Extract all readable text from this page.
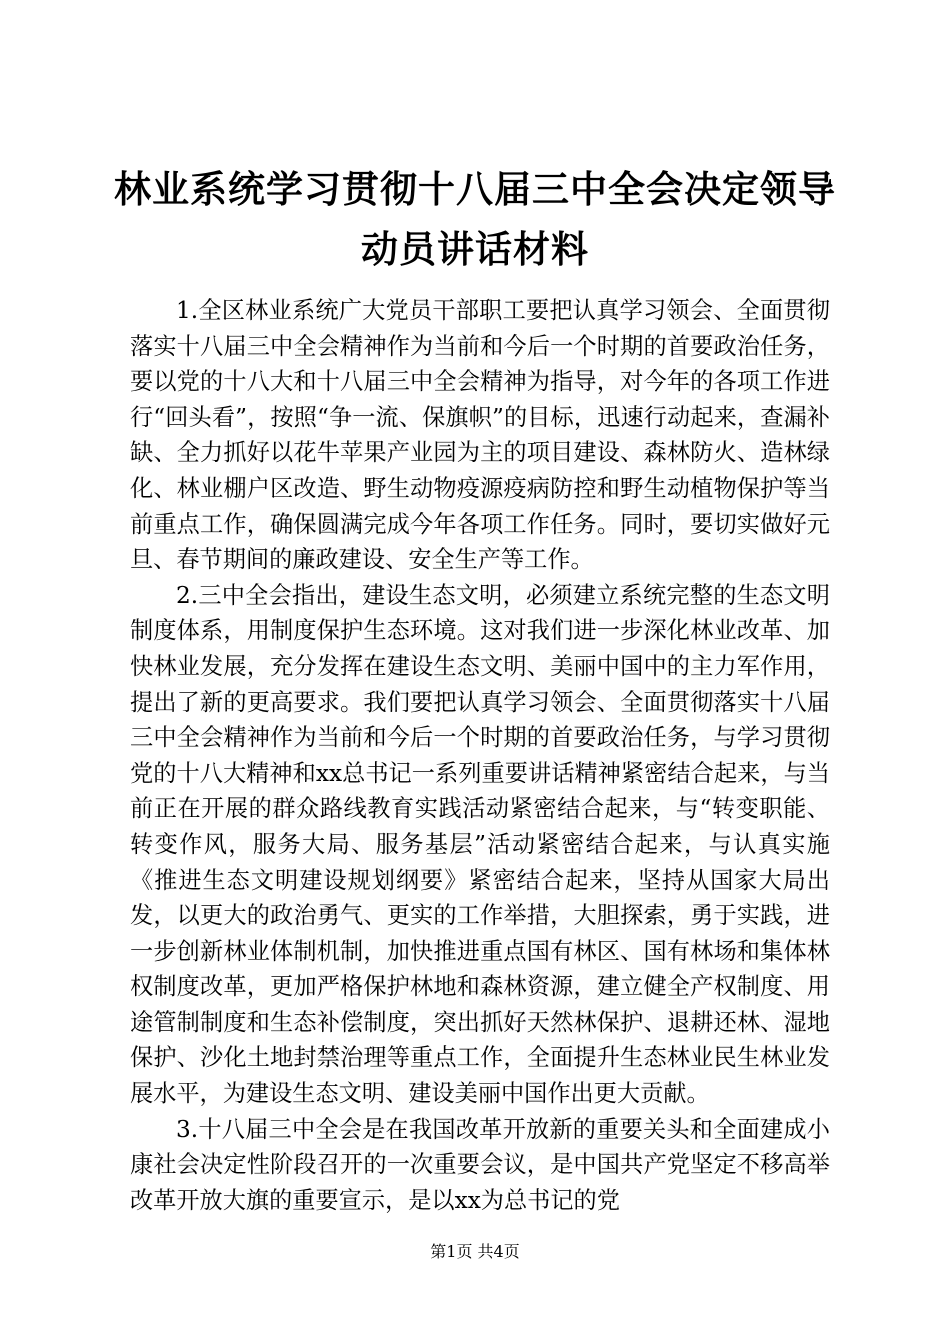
林业系统学习贯彻十八届三中全会决定领导动员讲话材料

1.全区林业系统广大党员干部职工要把认真学习领会、全面贯彻落实十八届三中全会精神作为当前和今后一个时期的首要政治任务，要以党的十八大和十八届三中全会精神为指导，对今年的各项工作进行“回头看”，按照“争一流、保旗帜”的目标，迅速行动起来，查漏补缺、全力抓好以花牛苹果产业园为主的项目建设、森林防火、造林绿化、林业棚户区改造、野生动物疫源疫病防控和野生动植物保护等当前重点工作，确保圆满完成今年各项工作任务。同时，要切实做好元旦、春节期间的廉政建设、安全生产等工作。

2.三中全会指出，建设生态文明，必须建立系统完整的生态文明制度体系，用制度保护生态环境。这对我们进一步深化林业改革、加快林业发展，充分发挥在建设生态文明、美丽中国中的主力军作用，提出了新的更高要求。我们要把认真学习领会、全面贯彻落实十八届三中全会精神作为当前和今后一个时期的首要政治任务，与学习贯彻党的十八大精神和xx总书记一系列重要讲话精神紧密结合起来，与当前正在开展的群众路线教育实践活动紧密结合起来，与“转变职能、转变作风，服务大局、服务基层”活动紧密结合起来，与认真实施《推进生态文明建设规划纲要》紧密结合起来，坚持从国家大局出发，以更大的政治勇气、更实的工作举措，大胆探索，勇于实践，进一步创新林业体制机制，加快推进重点国有林区、国有林场和集体林权制度改革，更加严格保护林地和森林资源，建立健全产权制度、用途管制制度和生态补偿制度，突出抓好天然林保护、退耕还林、湿地保护、沙化土地封禁治理等重点工作，全面提升生态林业民生林业发展水平，为建设生态文明、建设美丽中国作出更大贡献。

3.十八届三中全会是在我国改革开放新的重要关头和全面建成小康社会决定性阶段召开的一次重要会议，是中国共产党坚定不移高举改革开放大旗的重要宣示，是以xx为总书记的党

第1页 共4页
